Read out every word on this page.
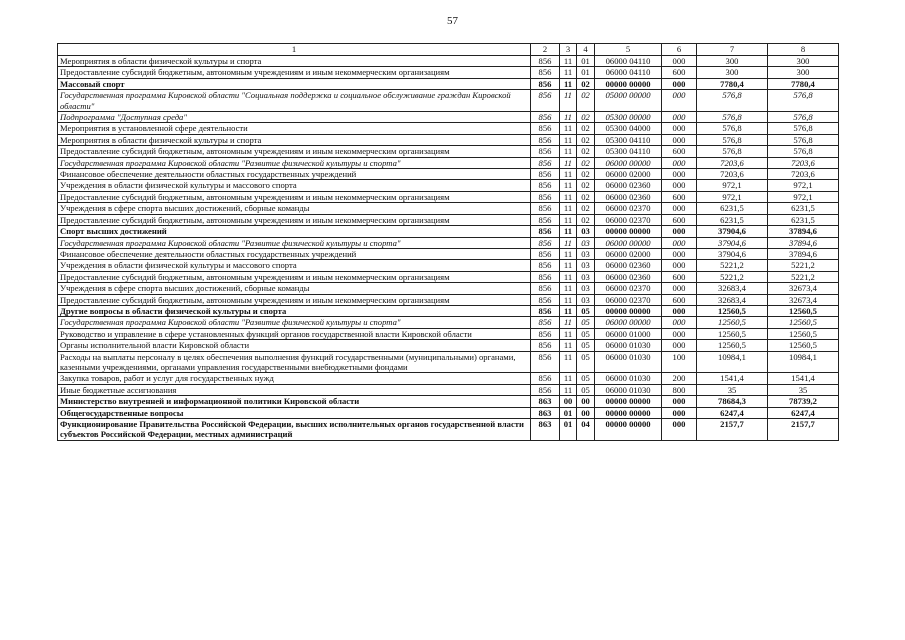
57
1	2	3	4	5	6	7	8
Мероприятия в области физической культуры и спорта	856	11	01	06000 04110	000	300	300
Предоставление субсидий бюджетным, автономным учреждениям и иным некоммерческим организациям	856	11	01	06000 04110	600	300	300
Массовый спорт	856	11	02	00000 00000	000	7780,4	7780,4
Государственная программа Кировской области "Социальная поддержка и социальное обслуживание граждан Кировской области"	856	11	02	05000 00000	000	576,8	576,8
Подпрограмма "Доступная среда"	856	11	02	05300 00000	000	576,8	576,8
Мероприятия в установленной сфере деятельности	856	11	02	05300 04000	000	576,8	576,8
Мероприятия в области физической культуры и спорта	856	11	02	05300 04110	000	576,8	576,8
Предоставление субсидий бюджетным, автономным учреждениям и иным некоммерческим организациям	856	11	02	05300 04110	600	576,8	576,8
Государственная программа Кировской области "Развитие физической культуры и спорта"	856	11	02	06000 00000	000	7203,6	7203,6
Финансовое обеспечение деятельности областных государственных учреждений	856	11	02	06000 02000	000	7203,6	7203,6
Учреждения в области физической культуры и массового спорта	856	11	02	06000 02360	000	972,1	972,1
Предоставление субсидий бюджетным, автономным учреждениям и иным некоммерческим организациям	856	11	02	06000 02360	600	972,1	972,1
Учреждения в сфере спорта высших достижений, сборные команды	856	11	02	06000 02370	000	6231,5	6231,5
Предоставление субсидий бюджетным, автономным учреждениям и иным некоммерческим организациям	856	11	02	06000 02370	600	6231,5	6231,5
Спорт высших достижений	856	11	03	00000 00000	000	37904,6	37894,6
Государственная программа Кировской области "Развитие физической культуры и спорта"	856	11	03	06000 00000	000	37904,6	37894,6
Финансовое обеспечение деятельности областных государственных учреждений	856	11	03	06000 02000	000	37904,6	37894,6
Учреждения в области физической культуры и массового спорта	856	11	03	06000 02360	000	5221,2	5221,2
Предоставление субсидий бюджетным, автономным учреждениям и иным некоммерческим организациям	856	11	03	06000 02360	600	5221,2	5221,2
Учреждения в сфере спорта высших достижений, сборные команды	856	11	03	06000 02370	000	32683,4	32673,4
Предоставление субсидий бюджетным, автономным учреждениям и иным некоммерческим организациям	856	11	03	06000 02370	600	32683,4	32673,4
Другие вопросы в области физической культуры и спорта	856	11	05	00000 00000	000	12560,5	12560,5
Государственная программа Кировской области "Развитие физической культуры и спорта"	856	11	05	06000 00000	000	12560,5	12560,5
Руководство и управление в сфере установленных функций органов государственной власти Кировской области	856	11	05	06000 01000	000	12560,5	12560,5
Органы исполнительной власти Кировской области	856	11	05	06000 01030	000	12560,5	12560,5
Расходы на выплаты персоналу в целях обеспечения выполнения функций государственными (муниципальными) органами, казенными учреждениями, органами управления государственными внебюджетными фондами	856	11	05	06000 01030	100	10984,1	10984,1
Закупка товаров, работ и услуг для государственных нужд	856	11	05	06000 01030	200	1541,4	1541,4
Иные бюджетные ассигнования	856	11	05	06000 01030	800	35	35
Министерство внутренней и информационной политики Кировской области	863	00	00	00000 00000	000	78684,3	78739,2
Общегосударственные вопросы	863	01	00	00000 00000	000	6247,4	6247,4
Функционирование Правительства Российской Федерации, высших исполнительных органов государственной власти субъектов Российской Федерации, местных администраций	863	01	04	00000 00000	000	2157,7	2157,7
